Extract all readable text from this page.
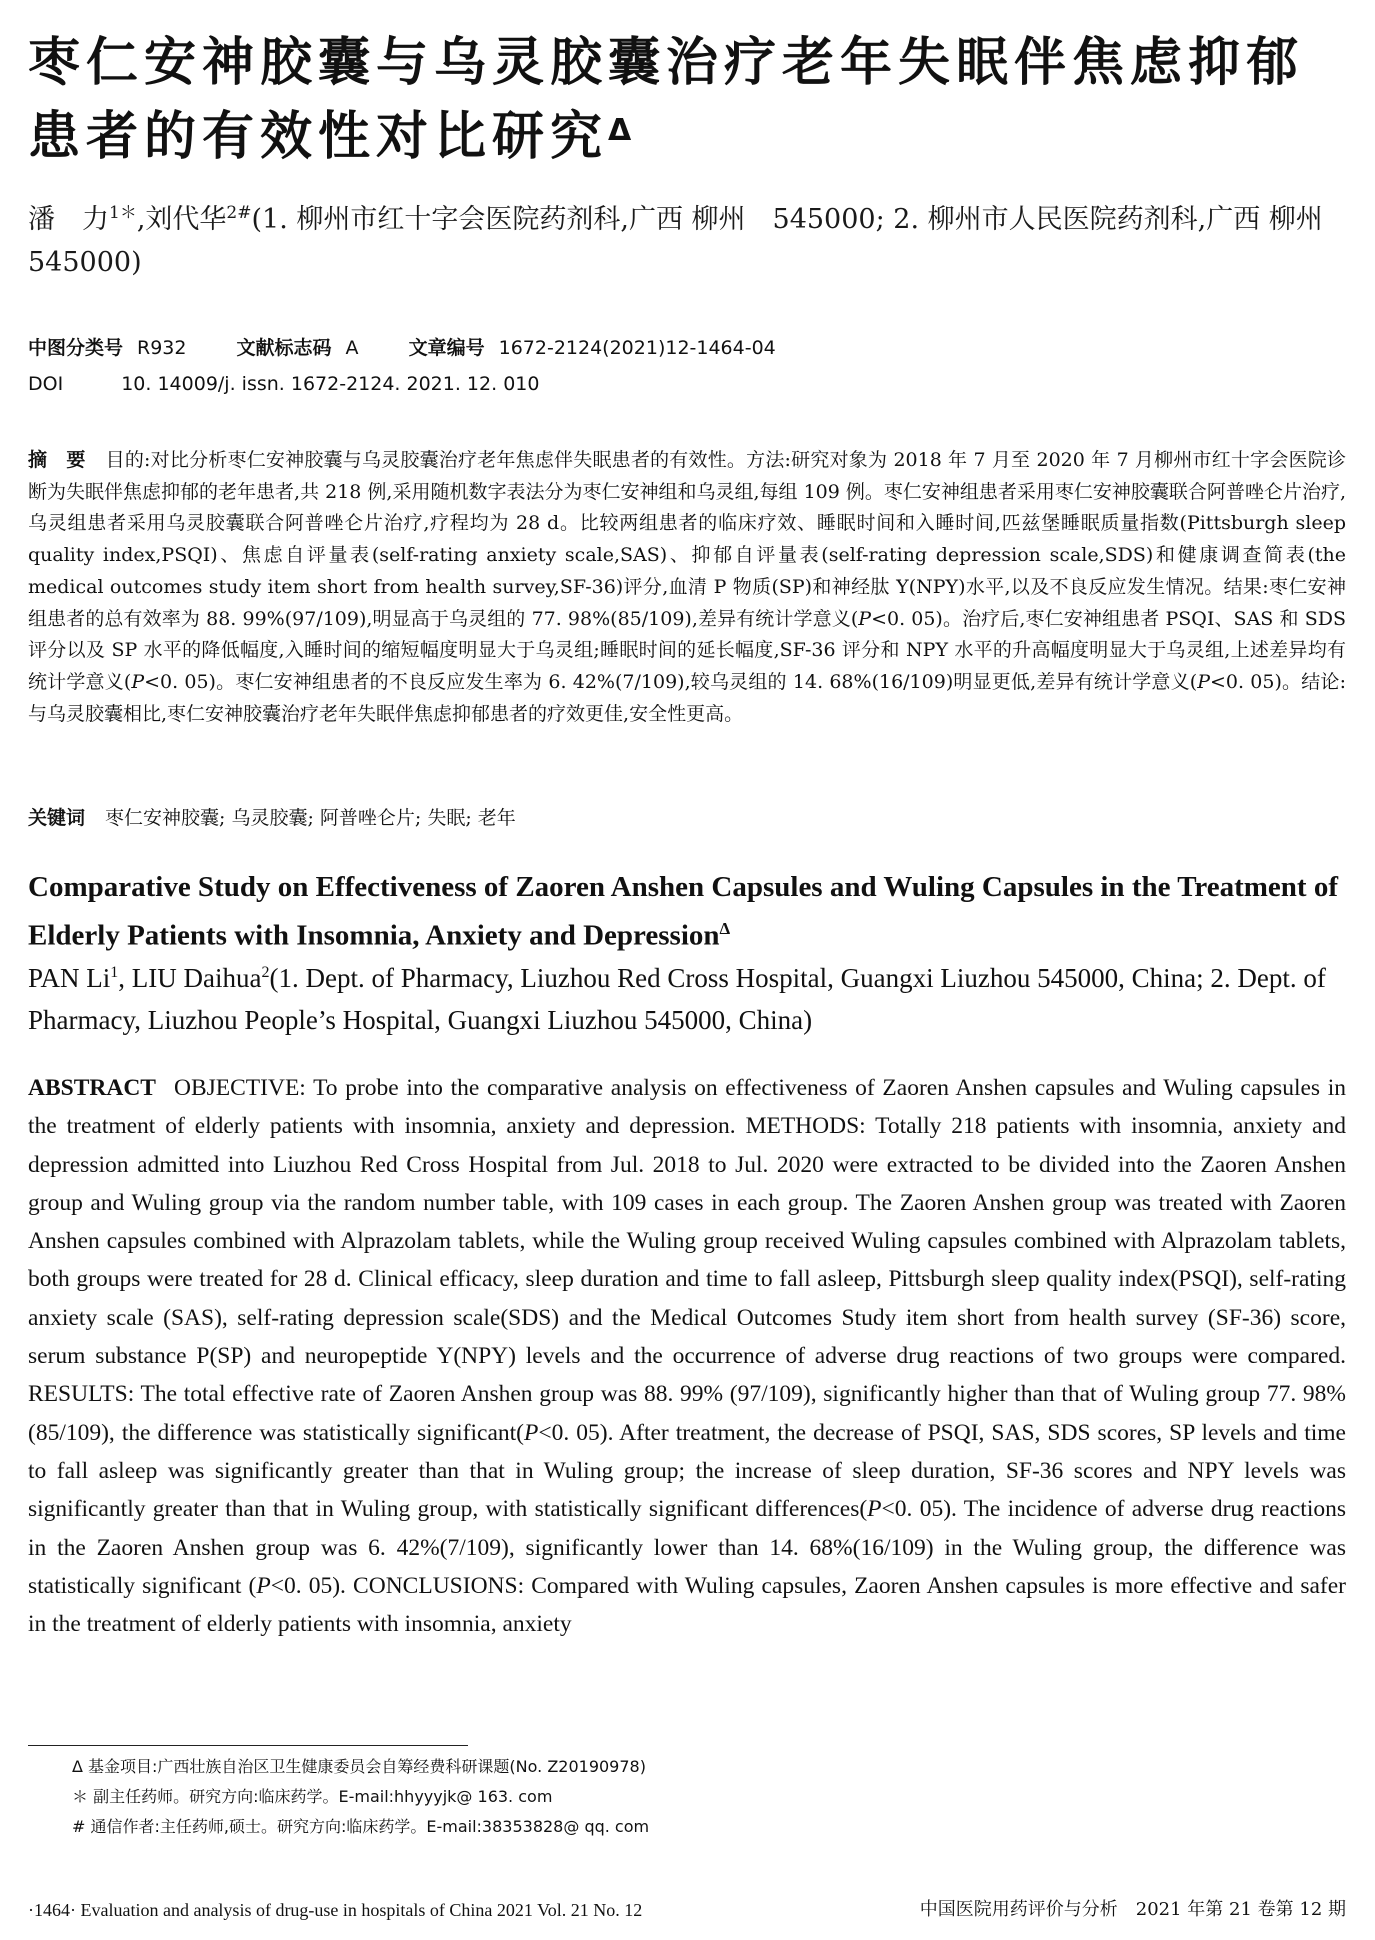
枣仁安神胶囊与乌灵胶囊治疗老年失眠伴焦虑抑郁患者的有效性对比研究$^\Delta$
潘　力$^{1*}$,刘代华$^{2\#}$(1. 柳州市红十字会医院药剂科,广西 柳州　545000; 2. 柳州市人民医院药剂科,广西 柳州　545000)
中图分类号 R932	文献标志码 A	文章编号 1672-2124(2021)12-1464-04
DOI	10. 14009/j. issn. 1672-2124. 2021. 12. 010

摘　要 目的:对比分析枣仁安神胶囊与乌灵胶囊治疗老年焦虑伴失眠患者的有效性。方法:研究对象为 2018 年 7 月至 2020 年 7 月柳州市红十字会医院诊断为失眠伴焦虑抑郁的老年患者,共 218 例,采用随机数字表法分为枣仁安神组和乌灵组,每组 109 例。枣仁安神组患者采用枣仁安神胶囊联合阿普唑仑片治疗,乌灵组患者采用乌灵胶囊联合阿普唑仑片治疗,疗程均为 28 d。比较两组患者的临床疗效、睡眠时间和入睡时间,匹兹堡睡眠质量指数(Pittsburgh sleep quality index,PSQI)、焦虑自评量表(self-rating anxiety scale,SAS)、抑郁自评量表(self-rating depression scale,SDS)和健康调查简表(the medical outcomes study item short from health survey,SF-36)评分,血清 P 物质(SP)和神经肽 Y(NPY)水平,以及不良反应发生情况。结果:枣仁安神组患者的总有效率为 88. 99%(97/109),明显高于乌灵组的 77. 98%(85/109),差异有统计学意义(P<0. 05)。治疗后,枣仁安神组患者 PSQI、SAS 和 SDS 评分以及 SP 水平的降低幅度,入睡时间的缩短幅度明显大于乌灵组;睡眠时间的延长幅度,SF-36 评分和 NPY 水平的升高幅度明显大于乌灵组,上述差异均有统计学意义(P<0. 05)。枣仁安神组患者的不良反应发生率为 6. 42%(7/109),较乌灵组的 14. 68%(16/109)明显更低,差异有统计学意义(P<0. 05)。结论:与乌灵胶囊相比,枣仁安神胶囊治疗老年失眠伴焦虑抑郁患者的疗效更佳,安全性更高。

关键词 枣仁安神胶囊; 乌灵胶囊; 阿普唑仑片; 失眠; 老年
Comparative Study on Effectiveness of Zaoren Anshen Capsules and Wuling Capsules in the Treatment of Elderly Patients with Insomnia, Anxiety and Depression$^\Delta$
PAN Li$^1$, LIU Daihua$^2$(1. Dept. of Pharmacy, Liuzhou Red Cross Hospital, Guangxi Liuzhou 545000, China; 2. Dept. of Pharmacy, Liuzhou People’s Hospital, Guangxi Liuzhou 545000, China)

ABSTRACT OBJECTIVE: To probe into the comparative analysis on effectiveness of Zaoren Anshen capsules and Wuling capsules in the treatment of elderly patients with insomnia, anxiety and depression. METHODS: Totally 218 patients with insomnia, anxiety and depression admitted into Liuzhou Red Cross Hospital from Jul. 2018 to Jul. 2020 were extracted to be divided into the Zaoren Anshen group and Wuling group via the random number table, with 109 cases in each group. The Zaoren Anshen group was treated with Zaoren Anshen capsules combined with Alprazolam tablets, while the Wuling group received Wuling capsules combined with Alprazolam tablets, both groups were treated for 28 d. Clinical efficacy, sleep duration and time to fall asleep, Pittsburgh sleep quality index(PSQI), self-rating anxiety scale (SAS), self-rating depression scale(SDS) and the Medical Outcomes Study item short from health survey (SF-36) score, serum substance P(SP) and neuropeptide Y(NPY) levels and the occurrence of adverse drug reactions of two groups were compared. RESULTS: The total effective rate of Zaoren Anshen group was 88. 99% (97/109), significantly higher than that of Wuling group 77. 98% (85/109), the difference was statistically significant(P<0. 05). After treatment, the decrease of PSQI, SAS, SDS scores, SP levels and time to fall asleep was significantly greater than that in Wuling group; the increase of sleep duration, SF-36 scores and NPY levels was significantly greater than that in Wuling group, with statistically significant differences(P<0. 05). The incidence of adverse drug reactions in the Zaoren Anshen group was 6. 42%(7/109), significantly lower than 14. 68%(16/109) in the Wuling group, the difference was statistically significant (P<0. 05). CONCLUSIONS: Compared with Wuling capsules, Zaoren Anshen capsules is more effective and safer in the treatment of elderly patients with insomnia, anxiety

Δ 基金项目:广西壮族自治区卫生健康委员会自筹经费科研课题(No. Z20190978)
＊ 副主任药师。研究方向:临床药学。E-mail:hhyyyjk@ 163. com
# 通信作者:主任药师,硕士。研究方向:临床药学。E-mail:38353828@ qq. com
·1464· Evaluation and analysis of drug-use in hospitals of China 2021 Vol. 21 No. 12	中国医院用药评价与分析　2021 年第 21 卷第 12 期
